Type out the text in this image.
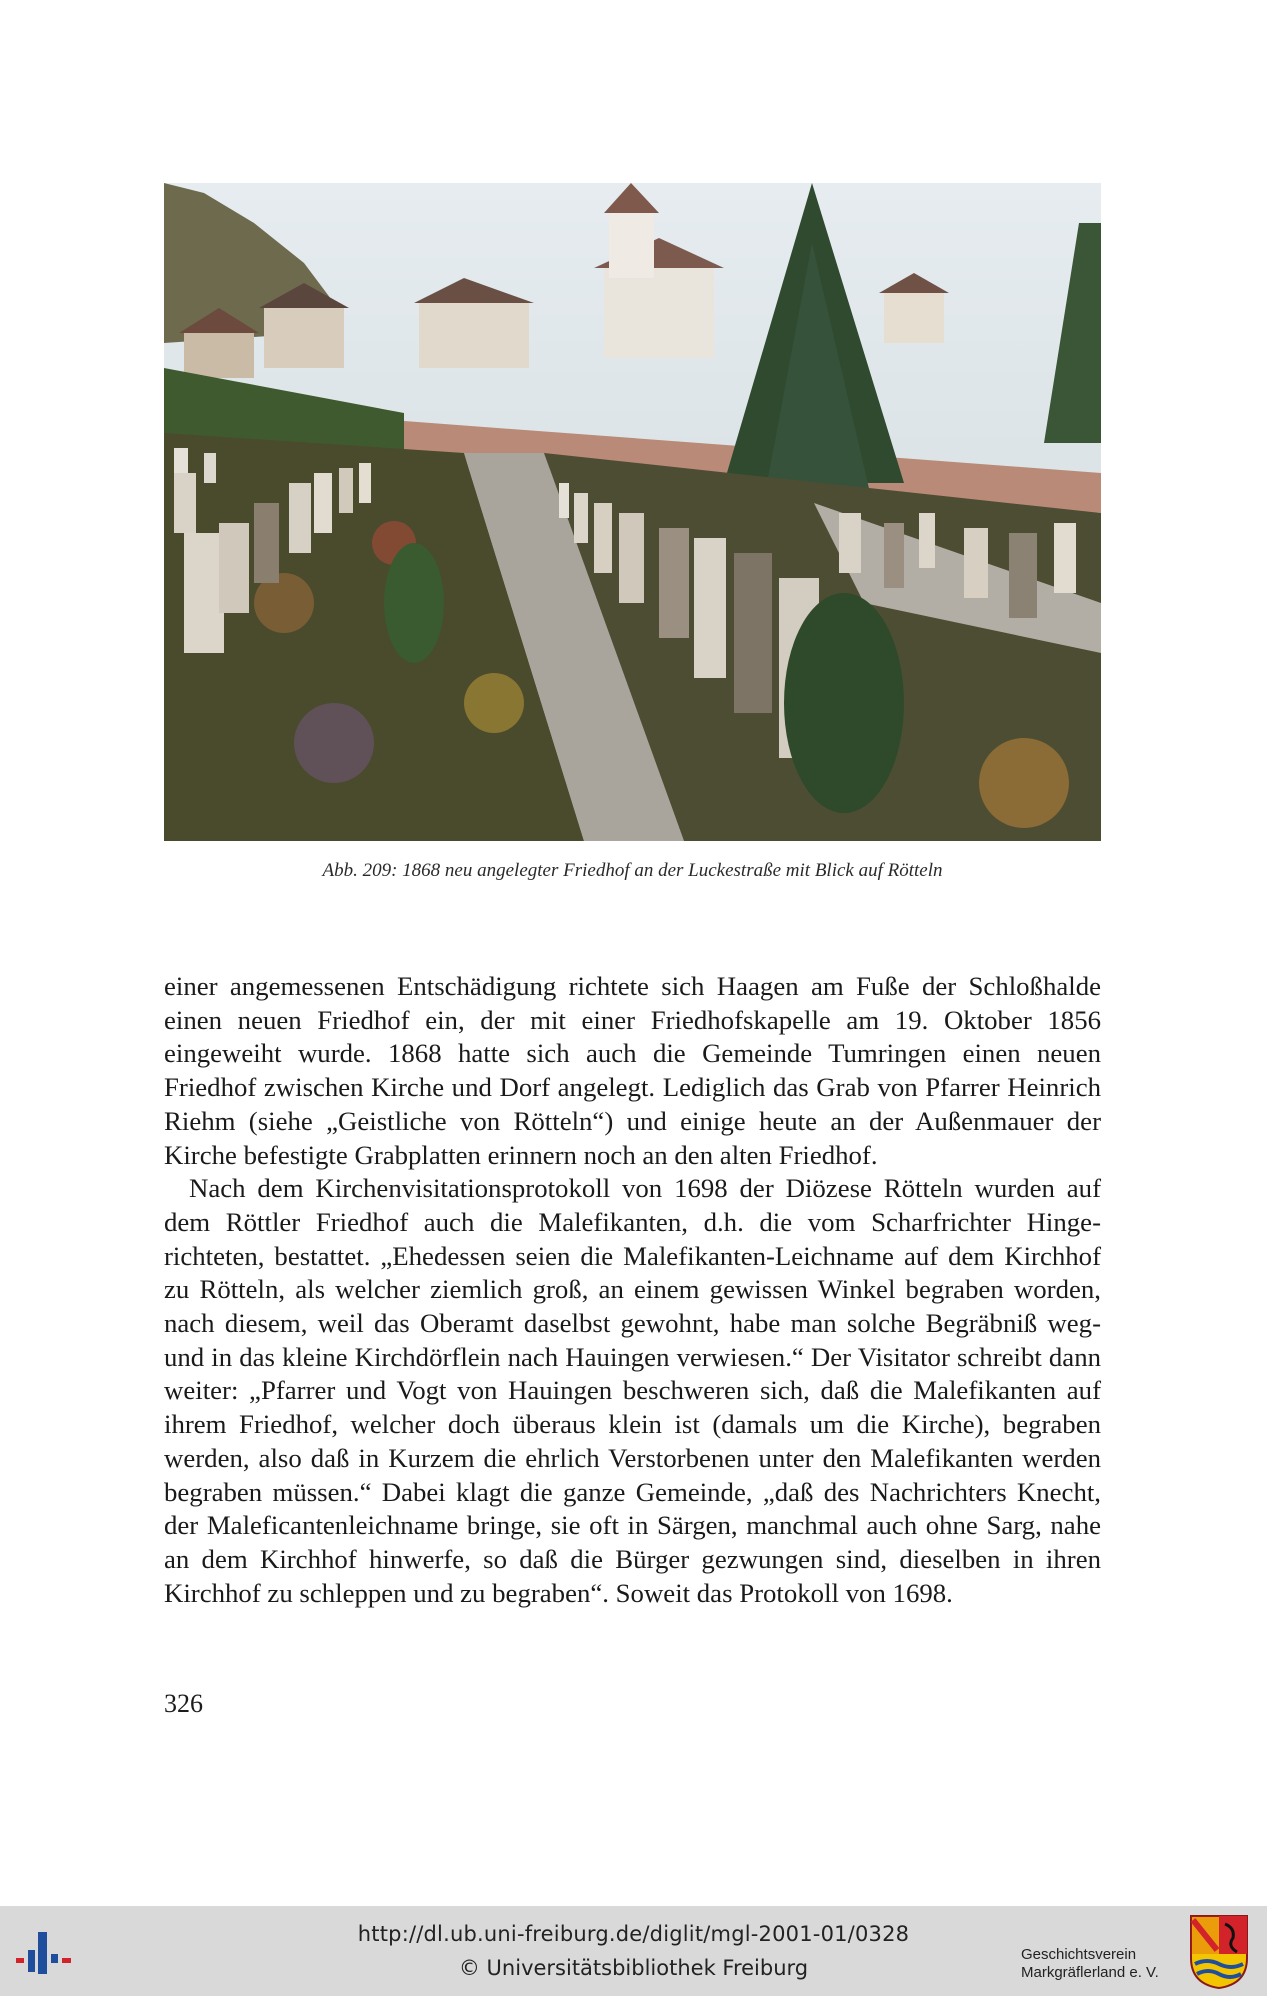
Abb. 209: 1868 neu angelegter Friedhof an der Luckestraße mit Blick auf Rötteln

einer angemessenen Entschädigung richtete sich Haagen am Fuße der Schloßhalde einen neuen Friedhof ein, der mit einer Friedhofskapelle am 19. Oktober 1856 eingeweiht wurde. 1868 hatte sich auch die Gemeinde Tumringen einen neuen Friedhof zwischen Kirche und Dorf angelegt. Lediglich das Grab von Pfarrer Heinrich Riehm (siehe „Geistliche von Rötteln“) und einige heute an der Außenmauer der Kirche befestigte Grabplatten erinnern noch an den alten Friedhof.

Nach dem Kirchenvisitationsprotokoll von 1698 der Diözese Rötteln wurden auf dem Röttler Friedhof auch die Malefikanten, d.h. die vom Scharfrichter Hingerichteten, bestattet. „Ehedessen seien die Malefikanten-Leichname auf dem Kirchhof zu Rötteln, als welcher ziemlich groß, an einem gewissen Winkel begraben worden, nach diesem, weil das Oberamt daselbst gewohnt, habe man solche Begräbniß weg- und in das kleine Kirchdörflein nach Hauingen verwiesen.“ Der Visitator schreibt dann weiter: „Pfarrer und Vogt von Hauingen beschweren sich, daß die Malefikanten auf ihrem Friedhof, welcher doch überaus klein ist (damals um die Kirche), begraben werden, also daß in Kurzem die ehrlich Verstorbenen unter den Malefikanten werden begraben müssen.“ Dabei klagt die ganze Gemeinde, „daß des Nachrichters Knecht, der Maleficantenleichname bringe, sie oft in Särgen, manchmal auch ohne Sarg, nahe an dem Kirchhof hinwerfe, so daß die Bürger gezwungen sind, dieselben in ihren Kirchhof zu schleppen und zu begraben“. Soweit das Protokoll von 1698.

326
http://dl.ub.uni-freiburg.de/diglit/mgl-2001-01/0328
© Universitätsbibliothek Freiburg
Geschichtsverein
Markgräflerland e. V.
